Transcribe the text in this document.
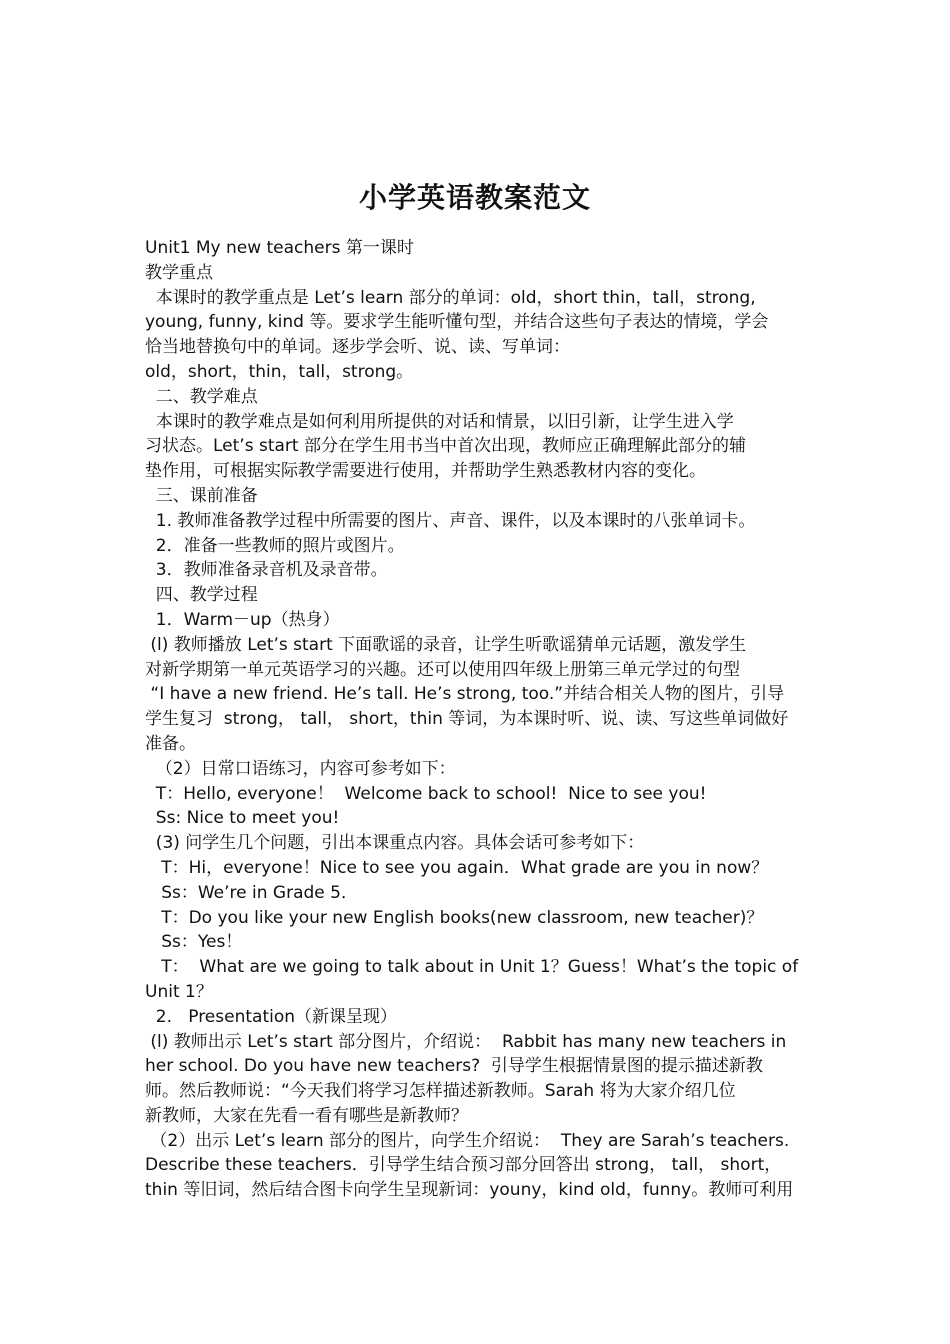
小学英语教案范文
Unit1 My new teachers 第一课时
教学重点
本课时的教学重点是 Let’s learn 部分的单词：old，short thin，tall，strong,
young, funny, kind 等。要求学生能听懂句型，并结合这些句子表达的情境，学会
恰当地替换句中的单词。逐步学会听、说、读、写单词：
old，short，thin，tall，strong。
二、教学难点
本课时的教学难点是如何利用所提供的对话和情景，以旧引新，让学生进入学
习状态。Let’s start 部分在学生用书当中首次出现，教师应正确理解此部分的辅
垫作用，可根据实际教学需要进行使用，并帮助学生熟悉教材内容的变化。
三、课前准备
1. 教师准备教学过程中所需要的图片、声音、课件，以及本课时的八张单词卡。
2．准备一些教师的照片或图片。
3．教师准备录音机及录音带。
四、教学过程
1．Warm－up（热身）
(l) 教师播放 Let’s start 下面歌谣的录音，让学生听歌谣猜单元话题，激发学生
对新学期第一单元英语学习的兴趣。还可以使用四年级上册第三单元学过的句型
“I have a new friend. He’s tall. He’s strong, too.”并结合相关人物的图片，引导
学生复习  strong， tall， short，thin 等词，为本课时听、说、读、写这些单词做好
准备。
（2）日常口语练习，内容可参考如下：
T：Hello, everyone！  Welcome back to school!  Nice to see you!
Ss: Nice to meet you!
(3) 问学生几个问题，引出本课重点内容。具体会话可参考如下：
T：Hi，everyone！Nice to see you again．What grade are you in now？
Ss：We’re in Grade 5．
T：Do you like your new English books(new classroom, new teacher)？
Ss：Yes！
T：  What are we going to talk about in Unit 1？Guess！What’s the topic of
Unit 1？
2.   Presentation（新课呈现）
(l) 教师出示 Let’s start 部分图片，介绍说：  Rabbit has many new teachers in
her school. Do you have new teachers?  引导学生根据情景图的提示描述新教
师。然后教师说：“今天我们将学习怎样描述新教师。Sarah 将为大家介绍几位
新教师，大家在先看一看有哪些是新教师？
（2）出示 Let’s learn 部分的图片，向学生介绍说：  They are Sarah’s teachers.
Describe these teachers．引导学生结合预习部分回答出 strong， tall， short，
thin 等旧词，然后结合图卡向学生呈现新词：youny，kind old，funny。教师可利用
